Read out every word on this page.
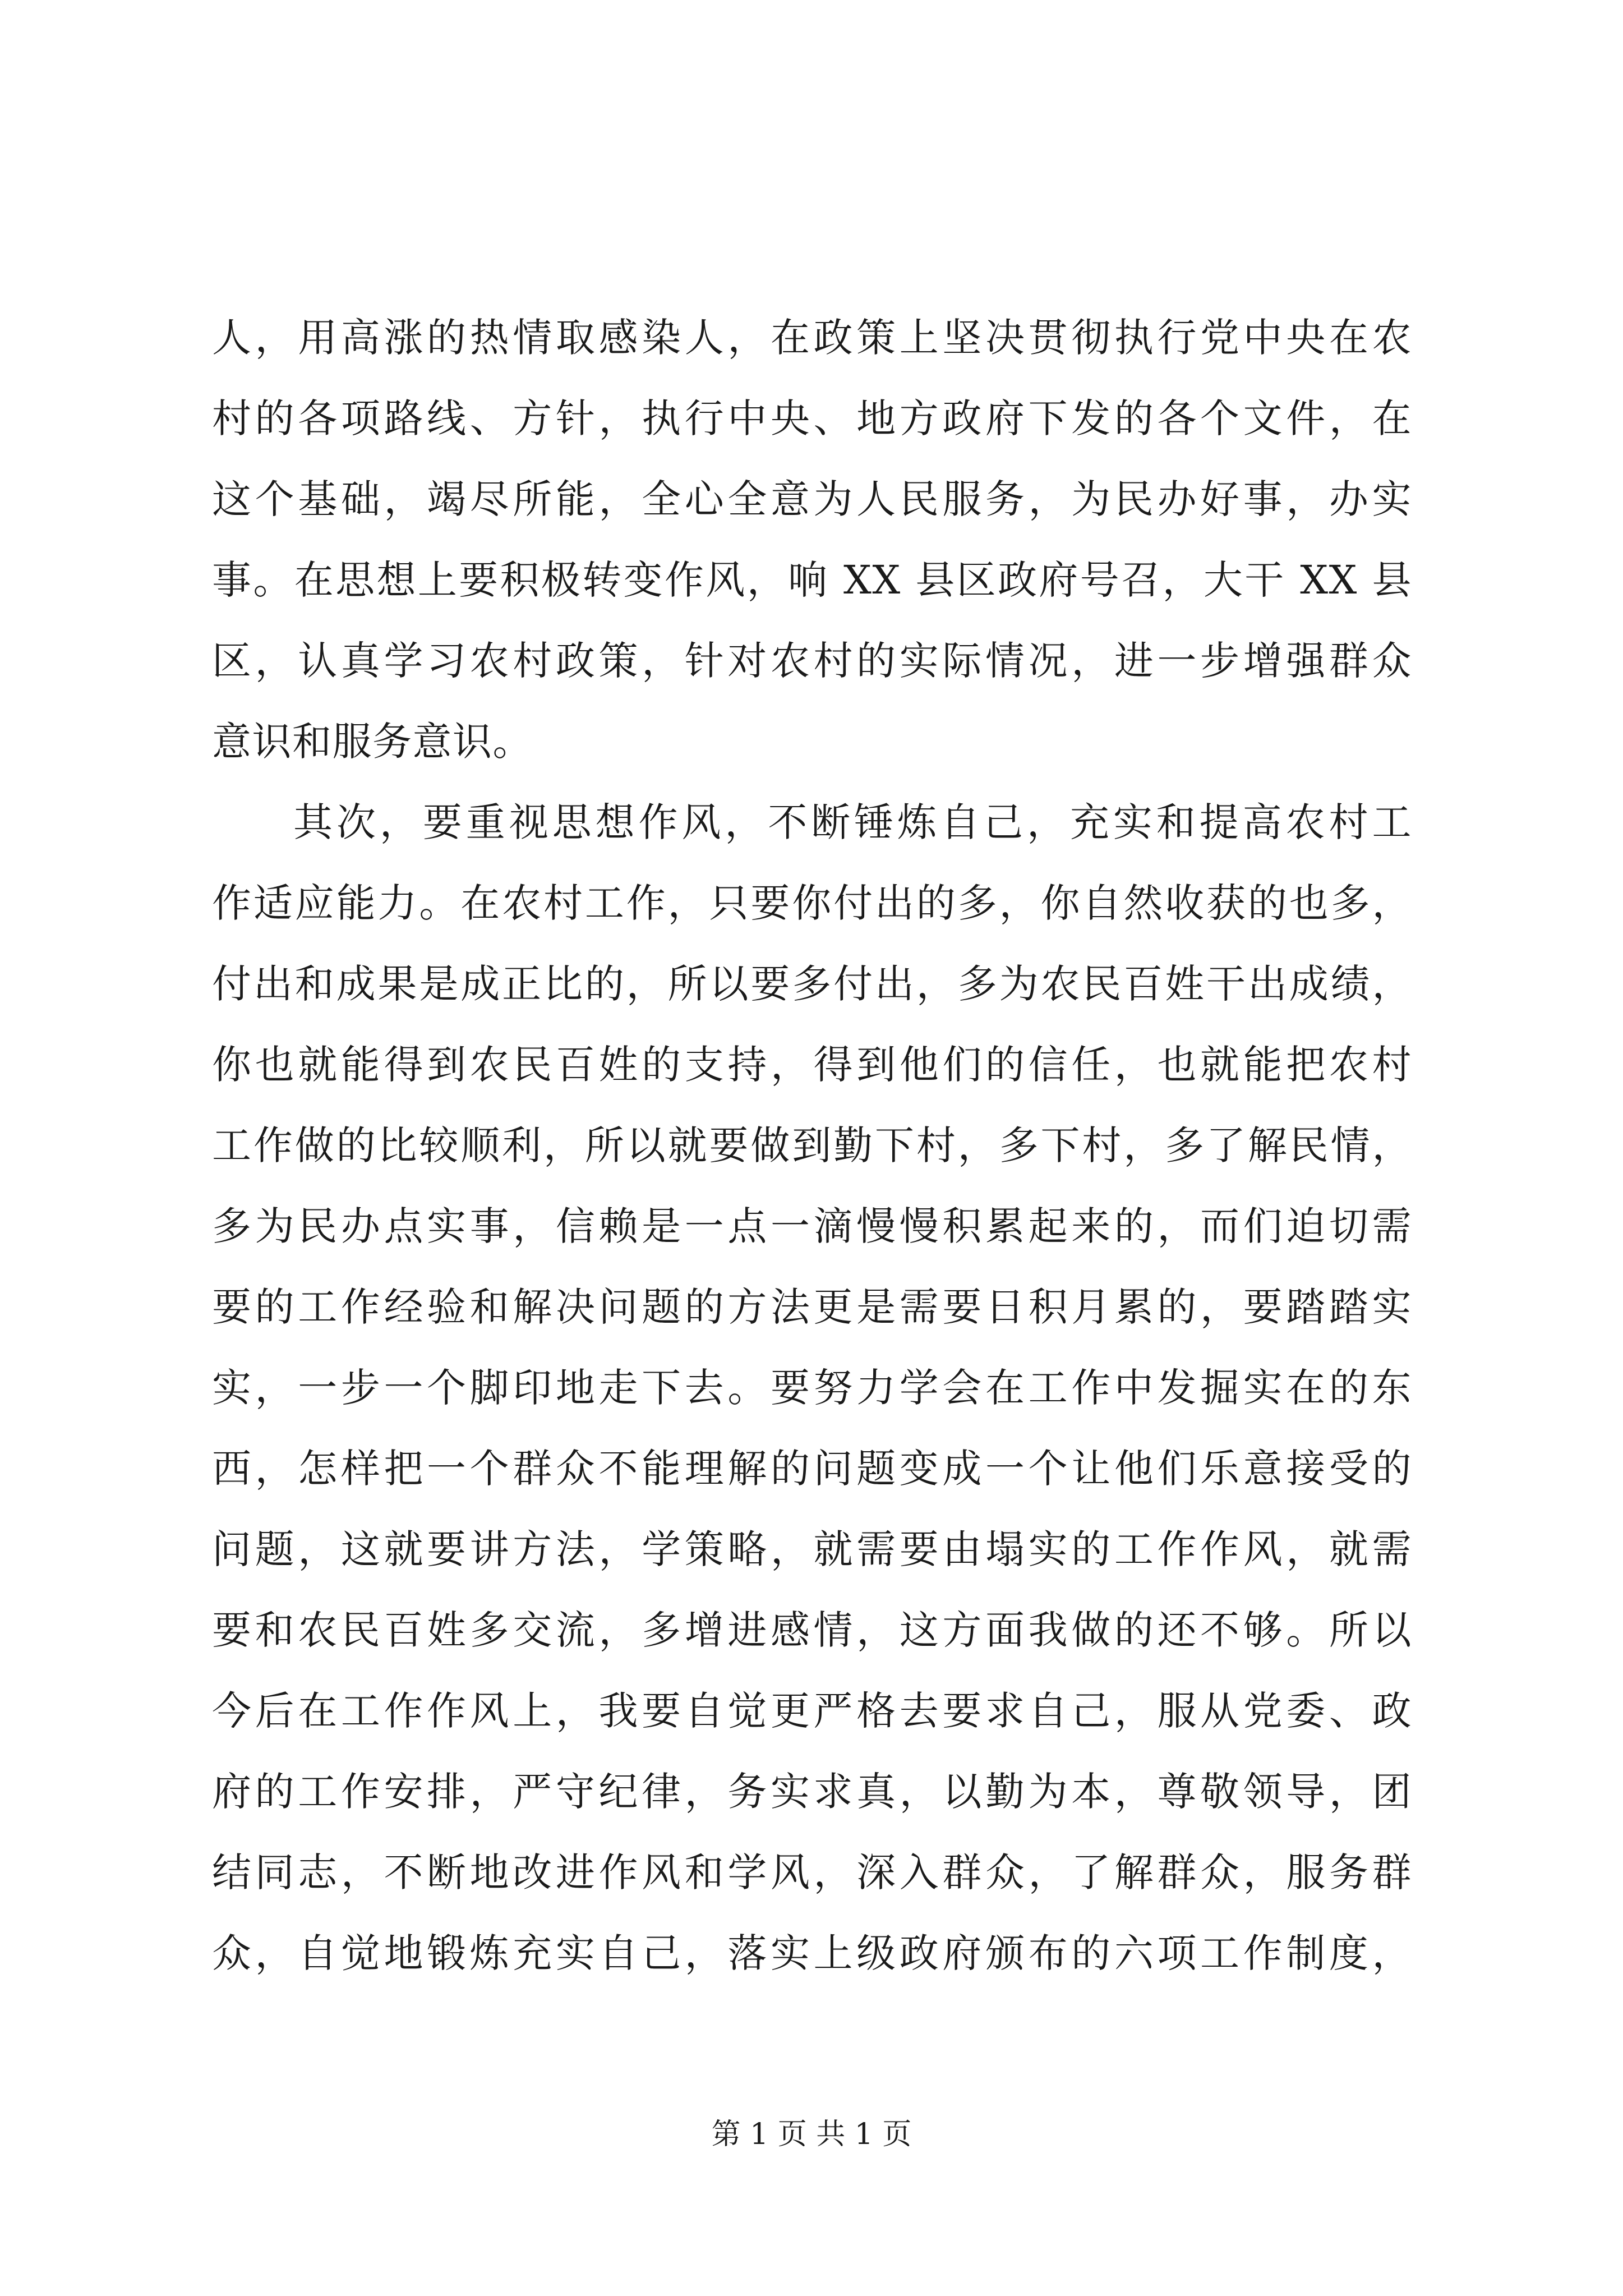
人，用高涨的热情取感染人，在政策上坚决贯彻执行党中央在农
村的各项路线、方针，执行中央、地方政府下发的各个文件，在
这个基础，竭尽所能，全心全意为人民服务，为民办好事，办实
事。在思想上要积极转变作风，响 XX 县区政府号召，大干 XX 县
区，认真学习农村政策，针对农村的实际情况，进一步增强群众
意识和服务意识。
其次，要重视思想作风，不断锤炼自己，充实和提高农村工
作适应能力。在农村工作，只要你付出的多，你自然收获的也多，
付出和成果是成正比的，所以要多付出，多为农民百姓干出成绩，
你也就能得到农民百姓的支持，得到他们的信任，也就能把农村
工作做的比较顺利，所以就要做到勤下村，多下村，多了解民情，
多为民办点实事，信赖是一点一滴慢慢积累起来的，而们迫切需
要的工作经验和解决问题的方法更是需要日积月累的，要踏踏实
实，一步一个脚印地走下去。要努力学会在工作中发掘实在的东
西，怎样把一个群众不能理解的问题变成一个让他们乐意接受的
问题，这就要讲方法，学策略，就需要由塌实的工作作风，就需
要和农民百姓多交流，多增进感情，这方面我做的还不够。所以
今后在工作作风上，我要自觉更严格去要求自己，服从党委、政
府的工作安排，严守纪律，务实求真，以勤为本，尊敬领导，团
结同志，不断地改进作风和学风，深入群众，了解群众，服务群
众，自觉地锻炼充实自己，落实上级政府颁布的六项工作制度，
第 1 页 共 1 页
